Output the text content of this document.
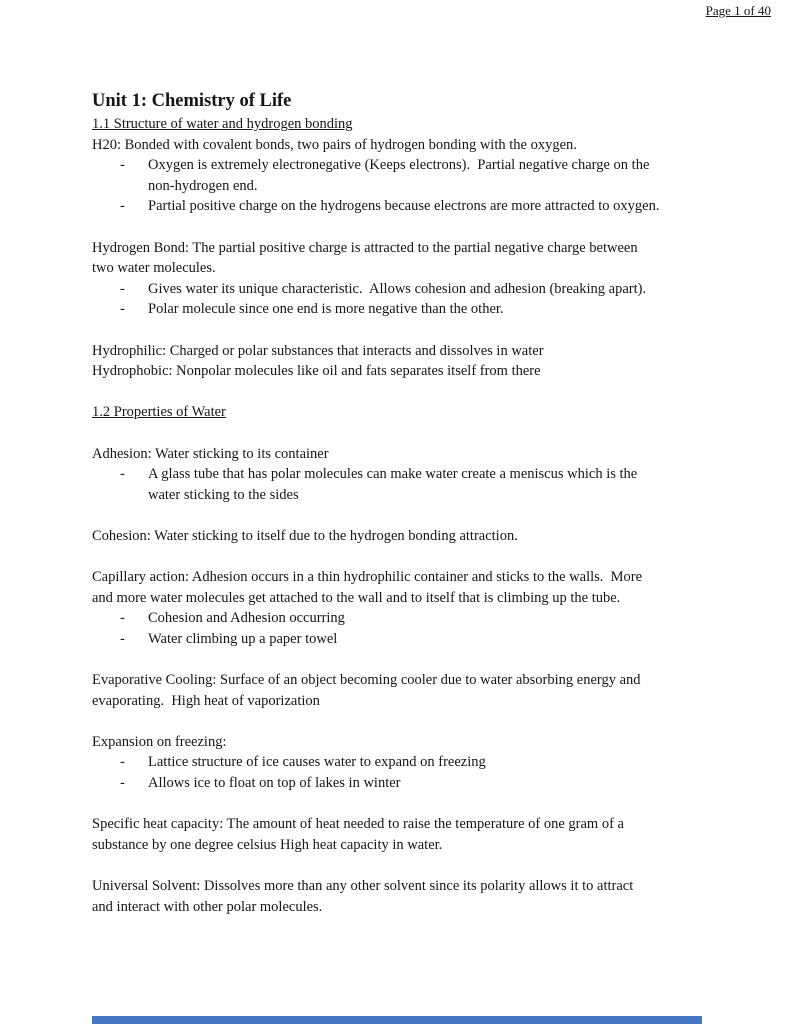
Page 1 of 40
Unit 1: Chemistry of Life
1.1 Structure of water and hydrogen bonding
H20: Bonded with covalent bonds, two pairs of hydrogen bonding with the oxygen.
- Oxygen is extremely electronegative (Keeps electrons).  Partial negative charge on the
non-hydrogen end.
- Partial positive charge on the hydrogens because electrons are more attracted to oxygen.
Hydrogen Bond: The partial positive charge is attracted to the partial negative charge between
two water molecules.
- Gives water its unique characteristic.  Allows cohesion and adhesion (breaking apart).
- Polar molecule since one end is more negative than the other.
Hydrophilic: Charged or polar substances that interacts and dissolves in water
Hydrophobic: Nonpolar molecules like oil and fats separates itself from there
1.2 Properties of Water
Adhesion: Water sticking to its container
- A glass tube that has polar molecules can make water create a meniscus which is the
water sticking to the sides
Cohesion: Water sticking to itself due to the hydrogen bonding attraction.
Capillary action: Adhesion occurs in a thin hydrophilic container and sticks to the walls.  More
and more water molecules get attached to the wall and to itself that is climbing up the tube.
- Cohesion and Adhesion occurring
- Water climbing up a paper towel
Evaporative Cooling: Surface of an object becoming cooler due to water absorbing energy and
evaporating.  High heat of vaporization
Expansion on freezing:
- Lattice structure of ice causes water to expand on freezing
- Allows ice to float on top of lakes in winter
Specific heat capacity: The amount of heat needed to raise the temperature of one gram of a
substance by one degree celsius High heat capacity in water.
Universal Solvent: Dissolves more than any other solvent since its polarity allows it to attract
and interact with other polar molecules.
